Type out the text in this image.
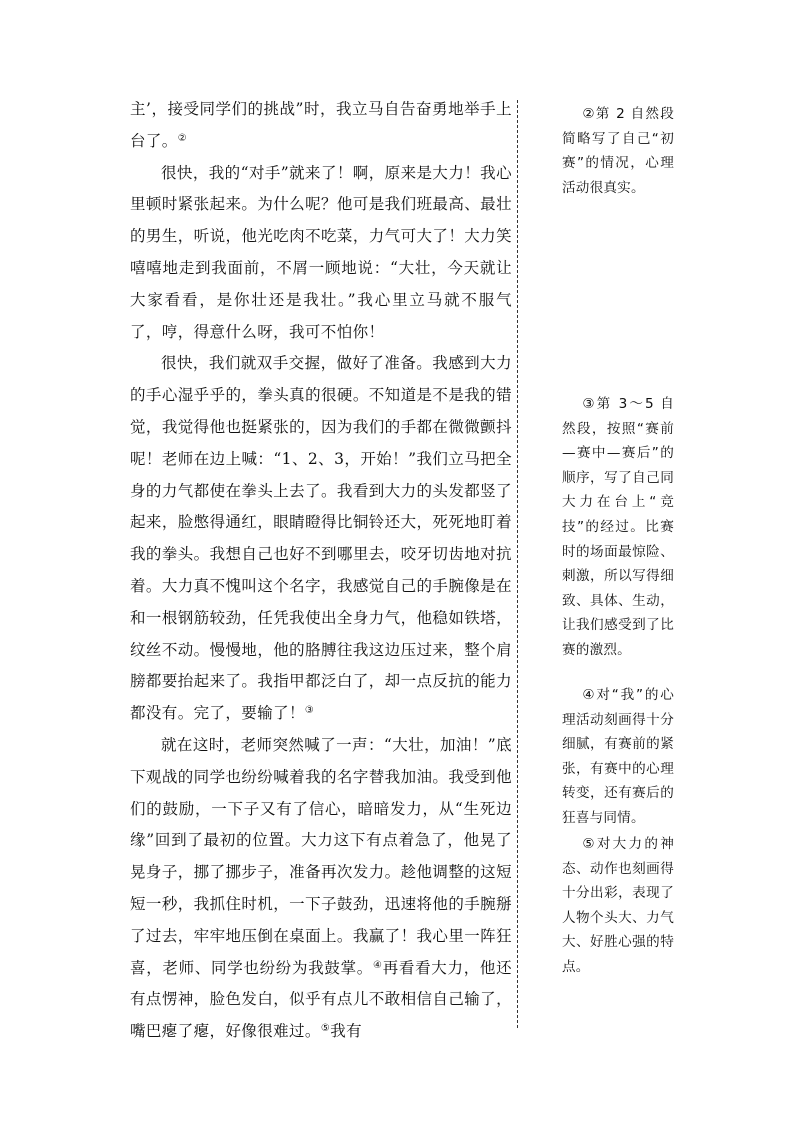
主’，接受同学们的挑战”时，我立马自告奋勇地举手上台了。②

很快，我的“对手”就来了！啊，原来是大力！我心里顿时紧张起来。为什么呢？他可是我们班最高、最壮的男生，听说，他光吃肉不吃菜，力气可大了！大力笑嘻嘻地走到我面前，不屑一顾地说：“大壮，今天就让大家看看，是你壮还是我壮。”我心里立马就不服气了，哼，得意什么呀，我可不怕你！

很快，我们就双手交握，做好了准备。我感到大力的手心湿乎乎的，拳头真的很硬。不知道是不是我的错觉，我觉得他也挺紧张的，因为我们的手都在微微颤抖呢！老师在边上喊：“1、2、3，开始！”我们立马把全身的力气都使在拳头上去了。我看到大力的头发都竖了起来，脸憋得通红，眼睛瞪得比铜铃还大，死死地盯着我的拳头。我想自己也好不到哪里去，咬牙切齿地对抗着。大力真不愧叫这个名字，我感觉自己的手腕像是在和一根钢筋较劲，任凭我使出全身力气，他稳如铁塔，纹丝不动。慢慢地，他的胳膊往我这边压过来，整个肩膀都要抬起来了。我指甲都泛白了，却一点反抗的能力都没有。完了，要输了！③

就在这时，老师突然喊了一声：“大壮，加油！”底下观战的同学也纷纷喊着我的名字替我加油。我受到他们的鼓励，一下子又有了信心，暗暗发力，从“生死边缘”回到了最初的位置。大力这下有点着急了，他晃了晃身子，挪了挪步子，准备再次发力。趁他调整的这短短一秒，我抓住时机，一下子鼓劲，迅速将他的手腕掰了过去，牢牢地压倒在桌面上。我赢了！我心里一阵狂喜，老师、同学也纷纷为我鼓掌。④再看看大力，他还有点愣神，脸色发白，似乎有点儿不敢相信自己输了，嘴巴瘪了瘪，好像很难过。⑤我有

②第 2 自然段简略写了自己“初赛”的情况，心理活动很真实。

③第 3～5 自然段，按照“赛前—赛中—赛后”的顺序，写了自己同大力在台上“竞技”的经过。比赛时的场面最惊险、刺激，所以写得细致、具体、生动，让我们感受到了比赛的激烈。

④对“我”的心理活动刻画得十分细腻，有赛前的紧张，有赛中的心理转变，还有赛后的狂喜与同情。

⑤对大力的神态、动作也刻画得十分出彩，表现了人物个头大、力气大、好胜心强的特点。
